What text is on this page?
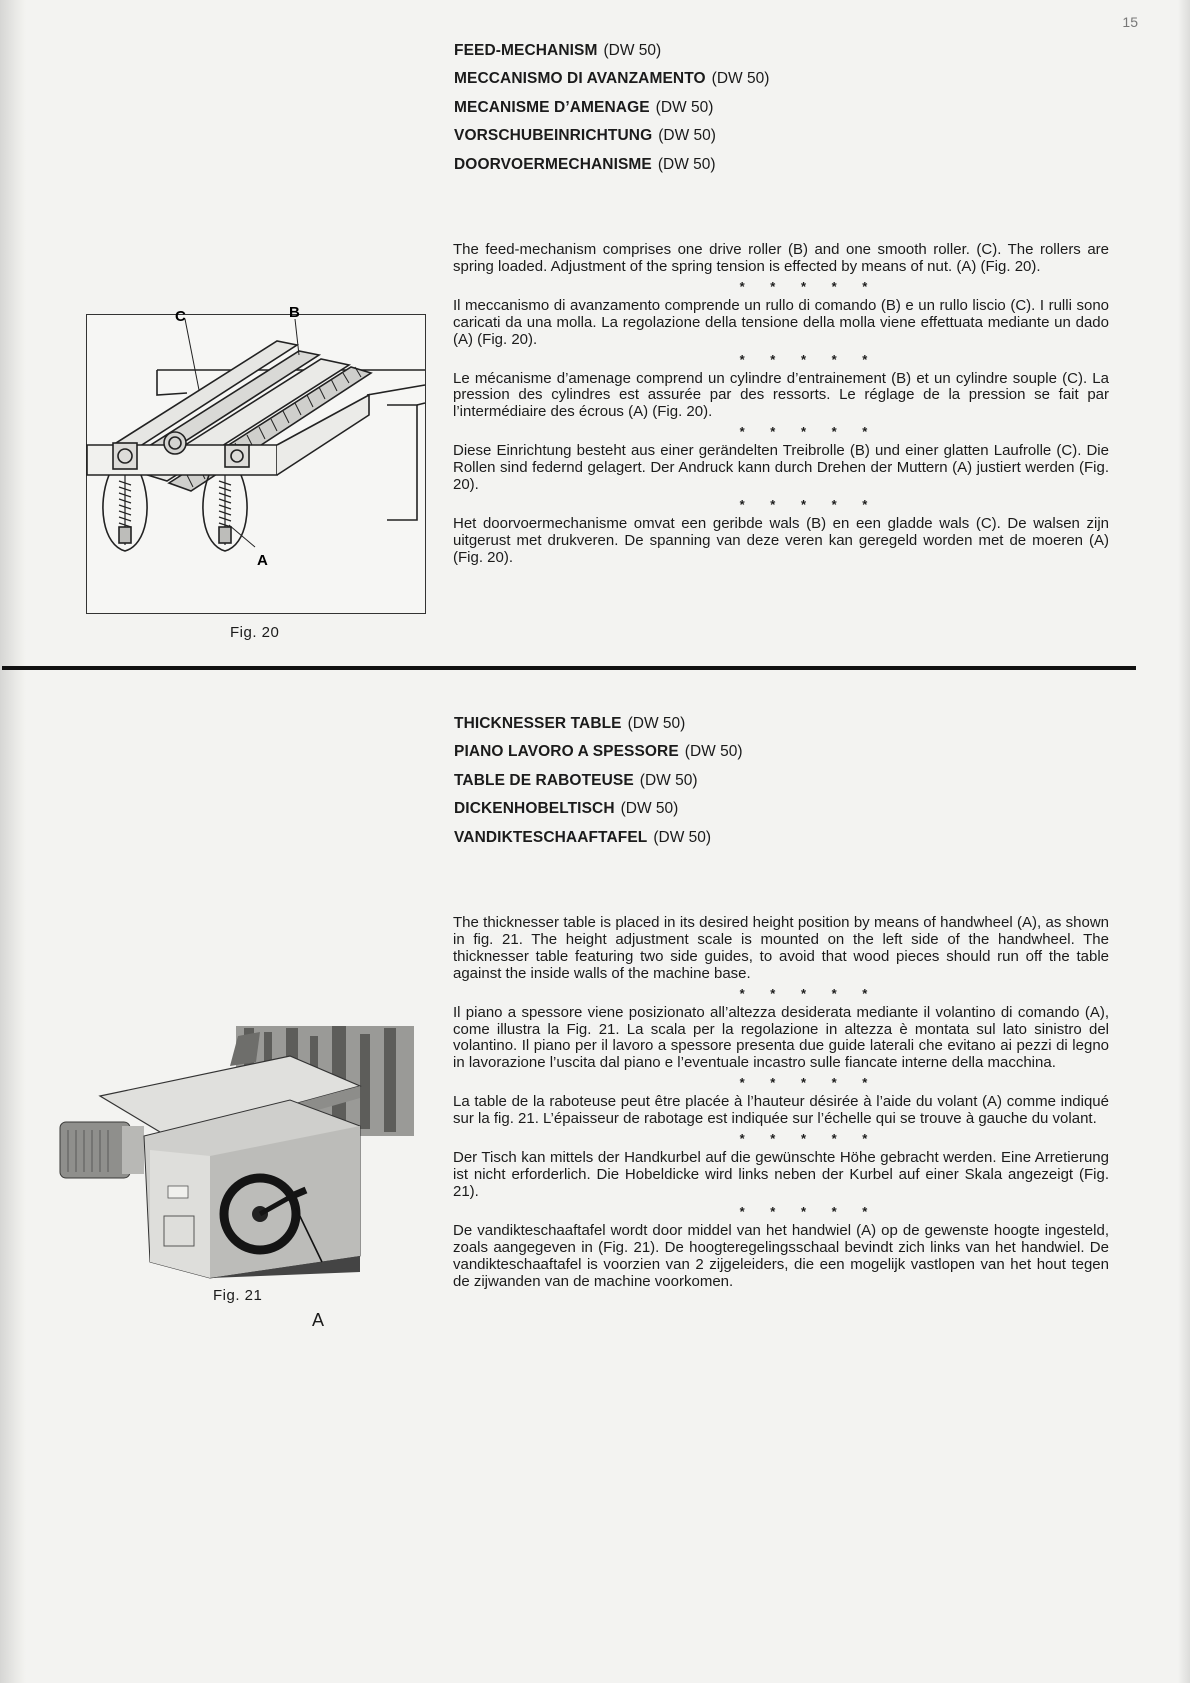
15
FEED-MECHANISM (DW 50)
MECCANISMO DI AVANZAMENTO (DW 50)
MECANISME D’AMENAGE (DW 50)
VORSCHUBEINRICHTUNG (DW 50)
DOORVOERMECHANISME (DW 50)

The feed-mechanism comprises one drive roller (B) and one smooth roller. (C). The rollers are spring loaded. Adjustment of the spring tension is effected by means of nut. (A) (Fig. 20).

* * * * *

Il meccanismo di avanzamento comprende un rullo di comando (B) e un rullo liscio (C). I rulli sono caricati da una molla. La regolazione della tensione della molla viene effettuata mediante un dado (A) (Fig. 20).

* * * * *

Le mécanisme d’amenage comprend un cylindre d’entrainement (B) et un cylindre souple (C). La pression des cylindres est assurée par des ressorts. Le réglage de la pression se fait par l’intermédiaire des écrous (A) (Fig. 20).

* * * * *

Diese Einrichtung besteht aus einer gerändelten Treibrolle (B) und einer glatten Laufrolle (C). Die Rollen sind federnd gelagert. Der Andruck kann durch Drehen der Muttern (A) justiert werden (Fig. 20).

* * * * *

Het doorvoermechanisme omvat een geribde wals (B) en een gladde wals (C). De walsen zijn uitgerust met drukveren. De spanning van deze veren kan geregeld worden met de moeren (A) (Fig. 20).

C	B
A
Fig. 20
THICKNESSER TABLE (DW 50)
PIANO LAVORO A SPESSORE (DW 50)
TABLE DE RABOTEUSE (DW 50)
DICKENHOBELTISCH (DW 50)
VANDIKTESCHAAFTAFEL (DW 50)

The thicknesser table is placed in its desired height position by means of handwheel (A), as shown in fig. 21. The height adjustment scale is mounted on the left side of the handwheel. The thicknesser table featuring two side guides, to avoid that wood pieces should run off the table against the inside walls of the machine base.

* * * * *

Il piano a spessore viene posizionato all’altezza desiderata mediante il volantino di comando (A), come illustra la Fig. 21. La scala per la regolazione in altezza è montata sul lato sinistro del volantino. Il piano per il lavoro a spessore presenta due guide laterali che evitano ai pezzi di legno in lavorazione l’uscita dal piano e l’eventuale incastro sulle fiancate interne della macchina.

* * * * *

La table de la raboteuse peut être placée à l’hauteur désirée à l’aide du volant (A) comme indiqué sur la fig. 21. L’épaisseur de rabotage est indiquée sur l’échelle qui se trouve à gauche du volant.

* * * * *

Der Tisch kan mittels der Handkurbel auf die gewünschte Höhe gebracht werden. Eine Arretierung ist nicht erforderlich. Die Hobeldicke wird links neben der Kurbel auf einer Skala angezeigt (Fig. 21).

* * * * *

De vandikteschaaftafel wordt door middel van het handwiel (A) op de gewenste hoogte ingesteld, zoals aangegeven in (Fig. 21). De hoogteregelingsschaal bevindt zich links van het handwiel. De vandikteschaaftafel is voorzien van 2 zijgeleiders, die een mogelijk vastlopen van het hout tegen de zijwanden van de machine voorkomen.

Fig. 21
A
